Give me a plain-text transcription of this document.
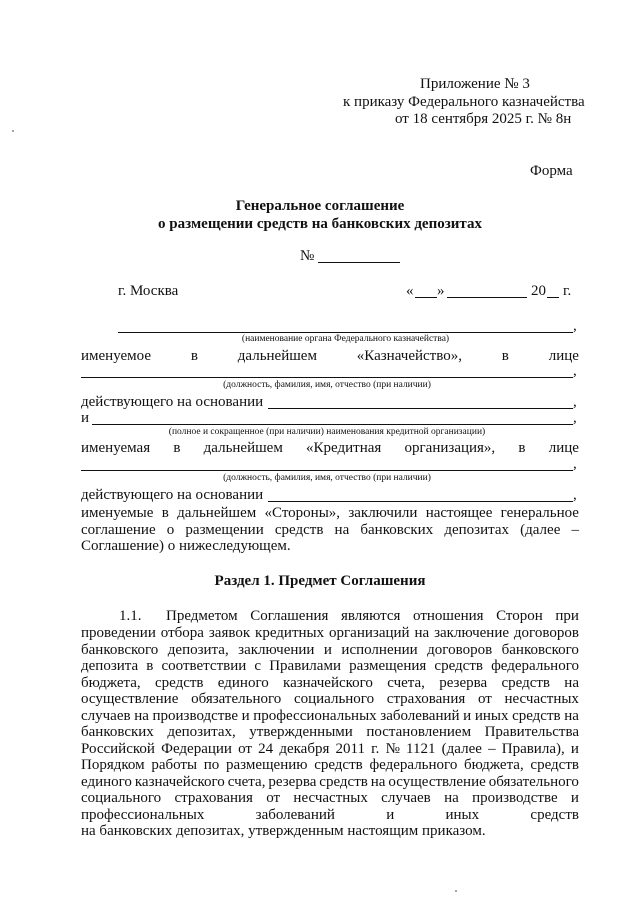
Приложение № 3
к приказу Федерального казначейства
от 18 сентября 2025 г. № 8н
Форма
Генеральное соглашение
о размещении средств на банковских депозитах
№
г. Москва	« »	20 г.
,
(наименование органа Федерального казначейства)
именуемое	в	дальнейшем	«Казначейство»,	в	лице
,
(должность, фамилия, имя, отчество (при наличии)
действующего на основании	,
и	,
(полное и сокращенное (при наличии) наименования кредитной организации)
именуемая в дальнейшем «Кредитная организация», в лице
,
(должность, фамилия, имя, отчество (при наличии)
действующего на основании	,
именуемые в дальнейшем «Стороны», заключили настоящее генеральное
соглашение о размещении средств на банковских депозитах (далее –
Соглашение) о нижеследующем.
Раздел 1. Предмет Соглашения
1.1. Предметом Соглашения являются отношения Сторон при
проведении отбора заявок кредитных организаций на заключение договоров
банковского депозита, заключении и исполнении договоров банковского
депозита в соответствии с Правилами размещения средств федерального
бюджета, средств единого казначейского счета, резерва средств на
осуществление обязательного социального страхования от несчастных
случаев на производстве и профессиональных заболеваний и иных средств на
банковских депозитах, утвержденными постановлением Правительства
Российской Федерации от 24 декабря 2011 г. № 1121 (далее – Правила), и
Порядком работы по размещению средств федерального бюджета, средств
единого казначейского счета, резерва средств на осуществление обязательного
социального страхования от несчастных случаев на производстве и
профессиональных	заболеваний	и	иных	средств
на банковских депозитах, утвержденным настоящим приказом.
